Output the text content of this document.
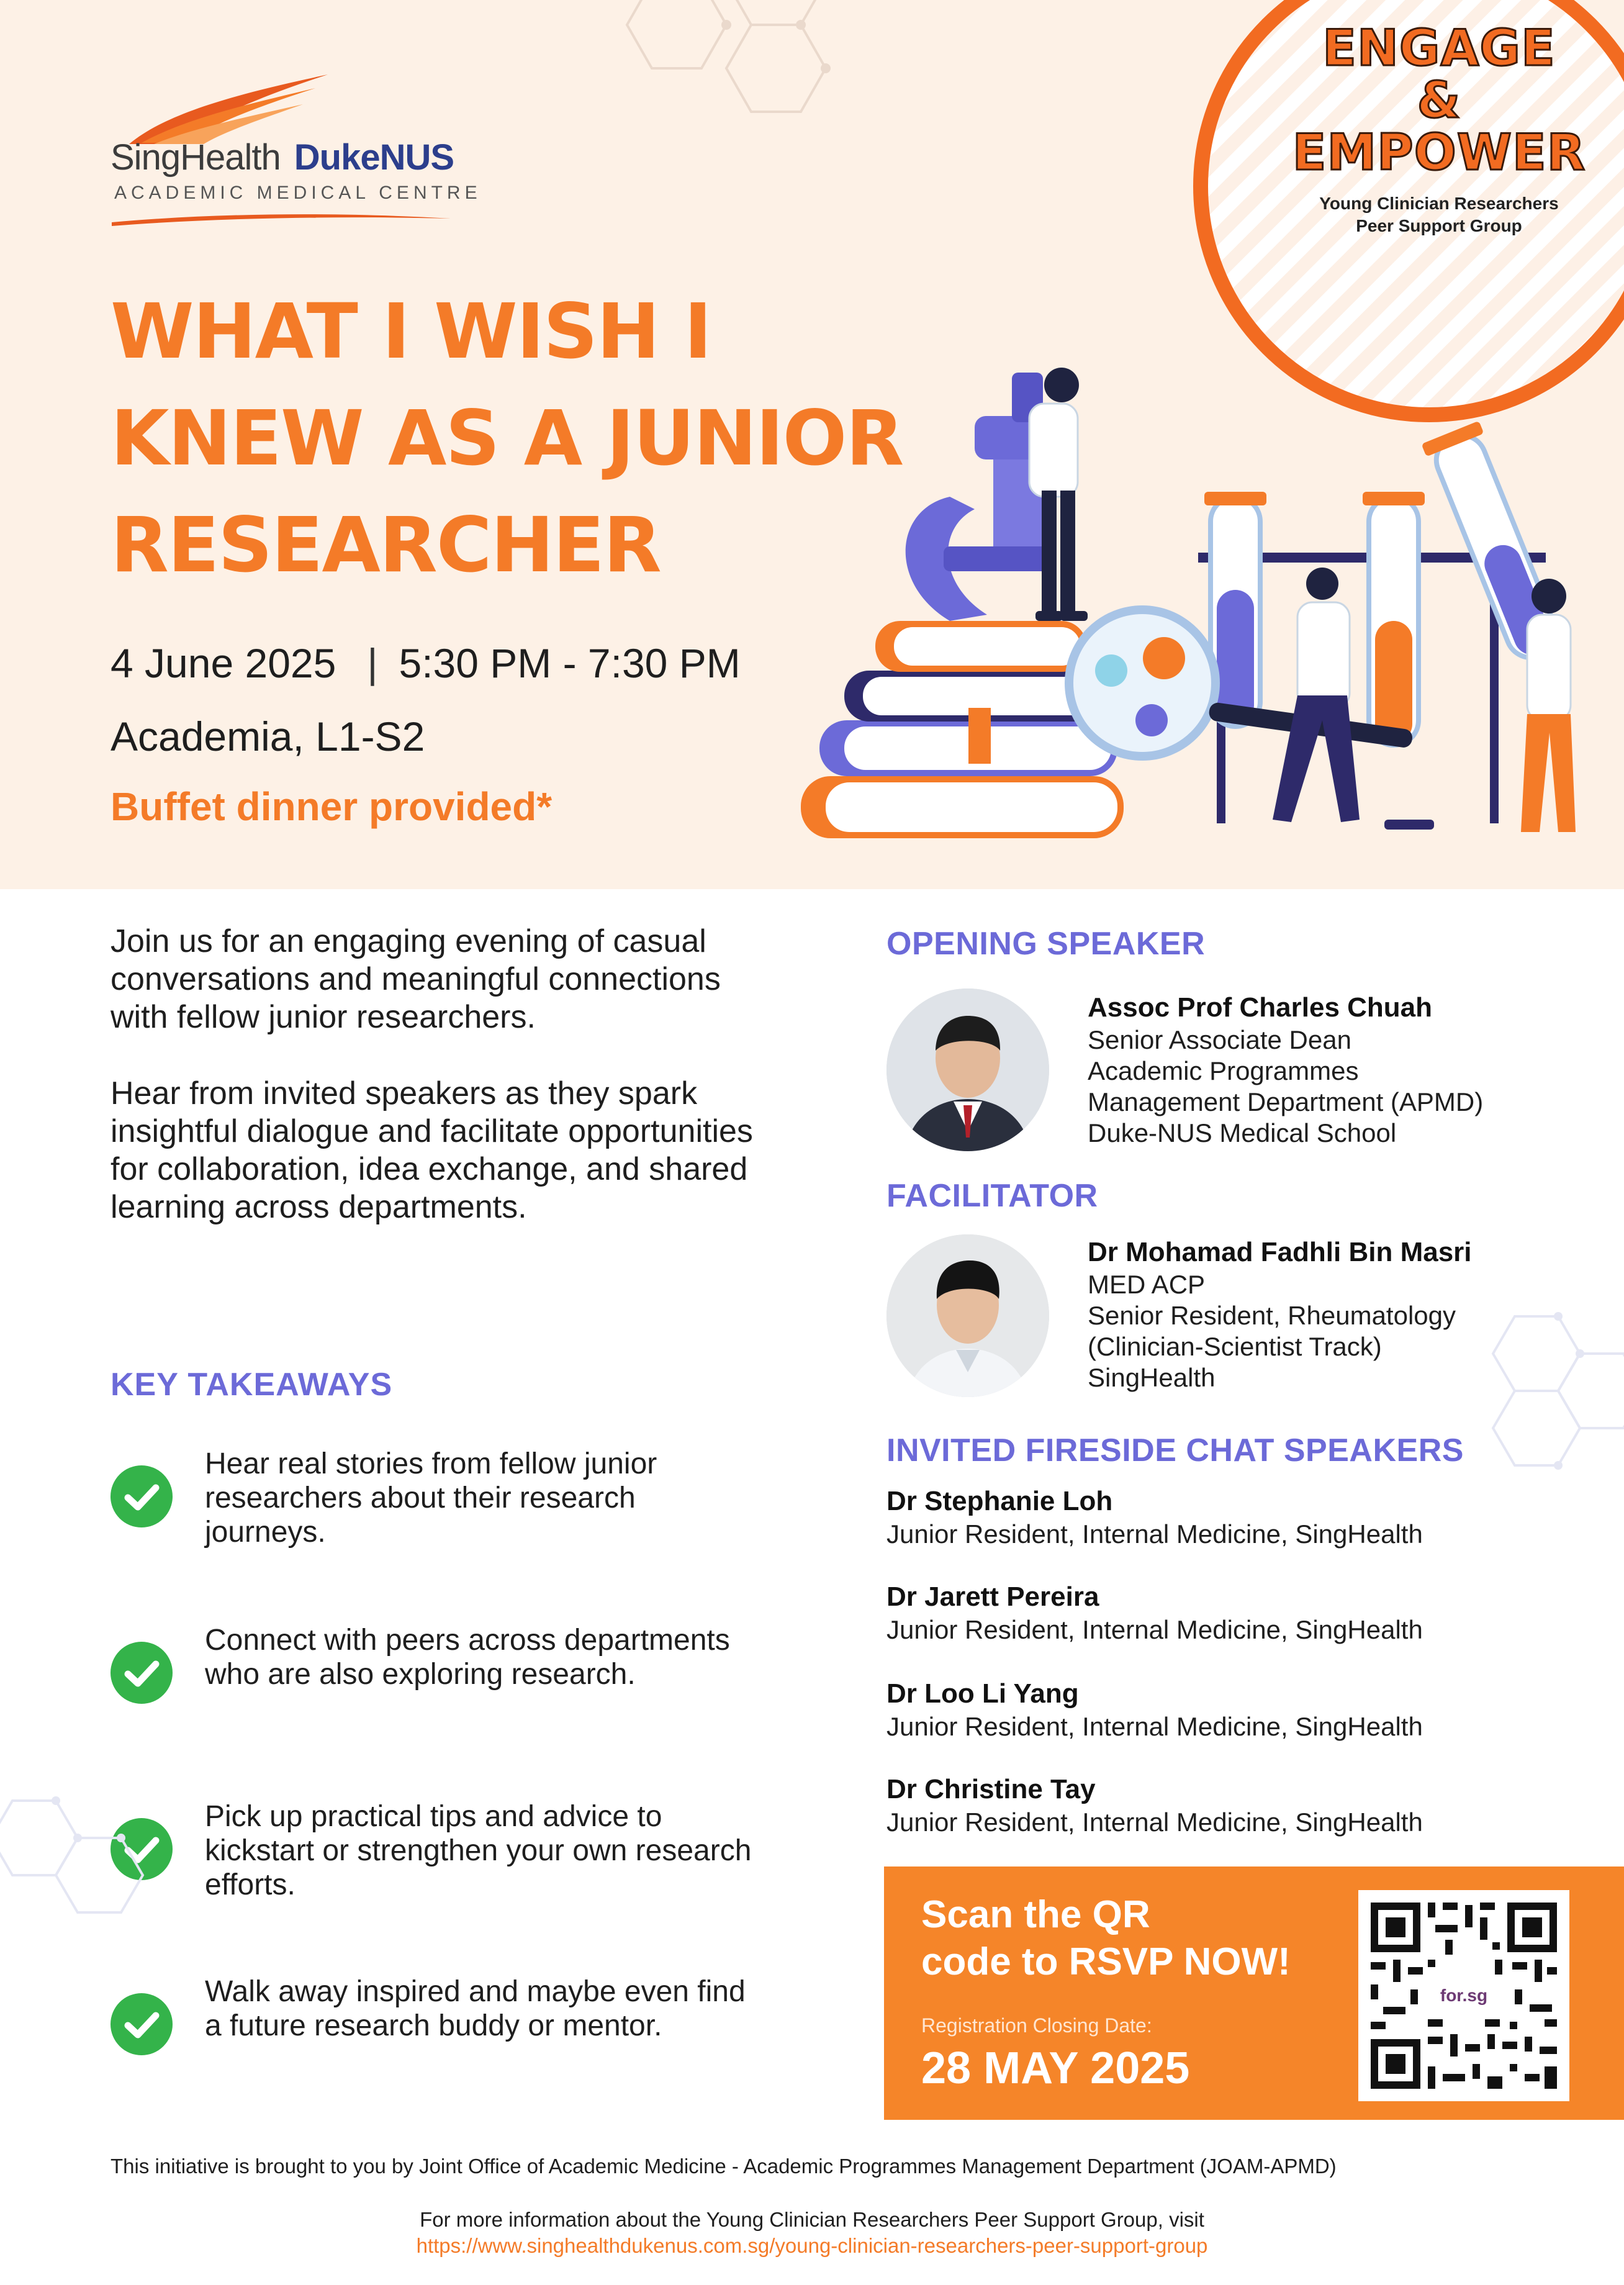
SingHealth DukeNUS
ACADEMIC MEDICAL CENTRE
ENGAGE
&
EMPOWER
Young Clinician Researchers
Peer Support Group
WHAT I WISH I
KNEW AS A JUNIOR
RESEARCHER
4 June 2025 | 5:30 PM - 7:30 PM
Academia, L1-S2
Buffet dinner provided*

Join us for an engaging evening of casual conversations and meaningful connections with fellow junior researchers.

Hear from invited speakers as they spark insightful dialogue and facilitate opportunities for collaboration, idea exchange, and shared learning across departments.

KEY TAKEAWAYS
Hear real stories from fellow junior researchers about their research journeys.
Connect with peers across departments who are also exploring research.
Pick up practical tips and advice to kickstart or strengthen your own research efforts.
Walk away inspired and maybe even find a future research buddy or mentor.
OPENING SPEAKER
Assoc Prof Charles Chuah
Senior Associate Dean
Academic Programmes
Management Department (APMD)
Duke-NUS Medical School
FACILITATOR
Dr Mohamad Fadhli Bin Masri
MED ACP
Senior Resident, Rheumatology
(Clinician-Scientist Track)
SingHealth
INVITED FIRESIDE CHAT SPEAKERS
Dr Stephanie Loh
Junior Resident, Internal Medicine, SingHealth
Dr Jarett Pereira
Junior Resident, Internal Medicine, SingHealth
Dr Loo Li Yang
Junior Resident, Internal Medicine, SingHealth
Dr Christine Tay
Junior Resident, Internal Medicine, SingHealth
Scan the QR
code to RSVP NOW!
Registration Closing Date:
28 MAY 2025
for.sg
This initiative is brought to you by Joint Office of Academic Medicine - Academic Programmes Management Department (JOAM-APMD)
For more information about the Young Clinician Researchers Peer Support Group, visit
https://www.singhealthdukenus.com.sg/young-clinician-researchers-peer-support-group
